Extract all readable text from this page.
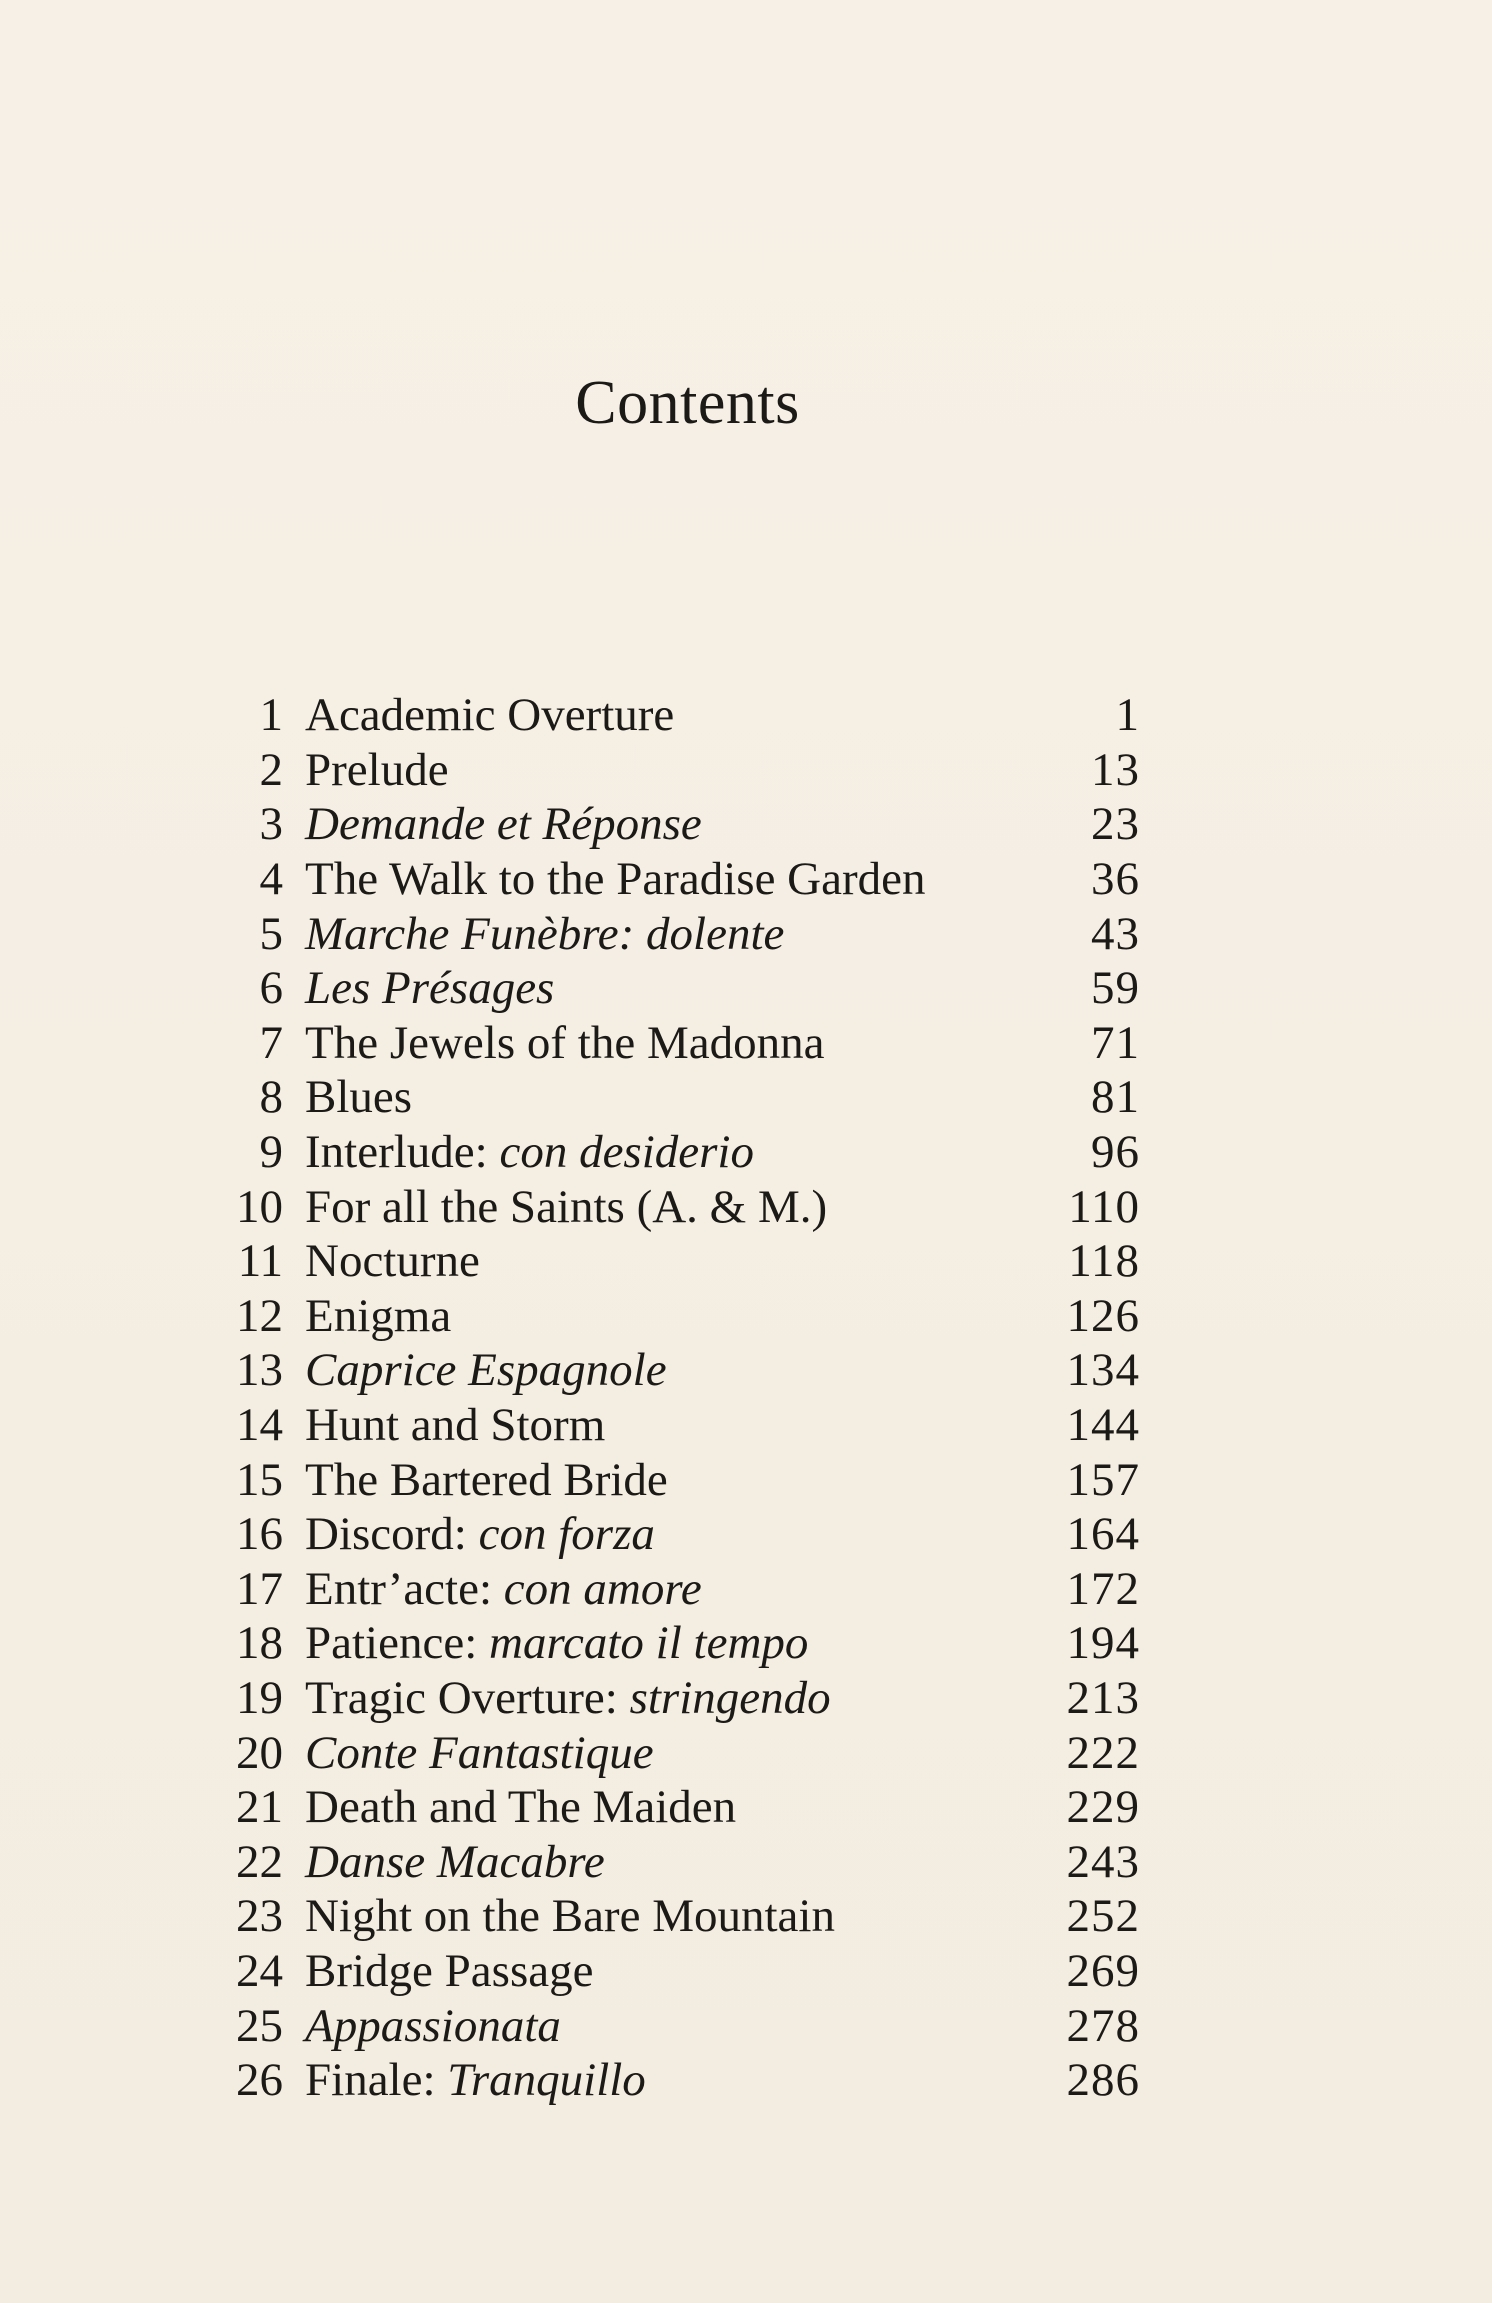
Contents
1 Academic Overture	1
2 Prelude	13
3 Demande et Réponse	23
4 The Walk to the Paradise Garden	36
5 Marche Funèbre: dolente	43
6 Les Présages	59
7 The Jewels of the Madonna	71
8 Blues	81
9 Interlude: con desiderio	96
10 For all the Saints (A. & M.)	110
11 Nocturne	118
12 Enigma	126
13 Caprice Espagnole	134
14 Hunt and Storm	144
15 The Bartered Bride	157
16 Discord: con forza	164
17 Entr’acte: con amore	172
18 Patience: marcato il tempo	194
19 Tragic Overture: stringendo	213
20 Conte Fantastique	222
21 Death and The Maiden	229
22 Danse Macabre	243
23 Night on the Bare Mountain	252
24 Bridge Passage	269
25 Appassionata	278
26 Finale: Tranquillo	286
